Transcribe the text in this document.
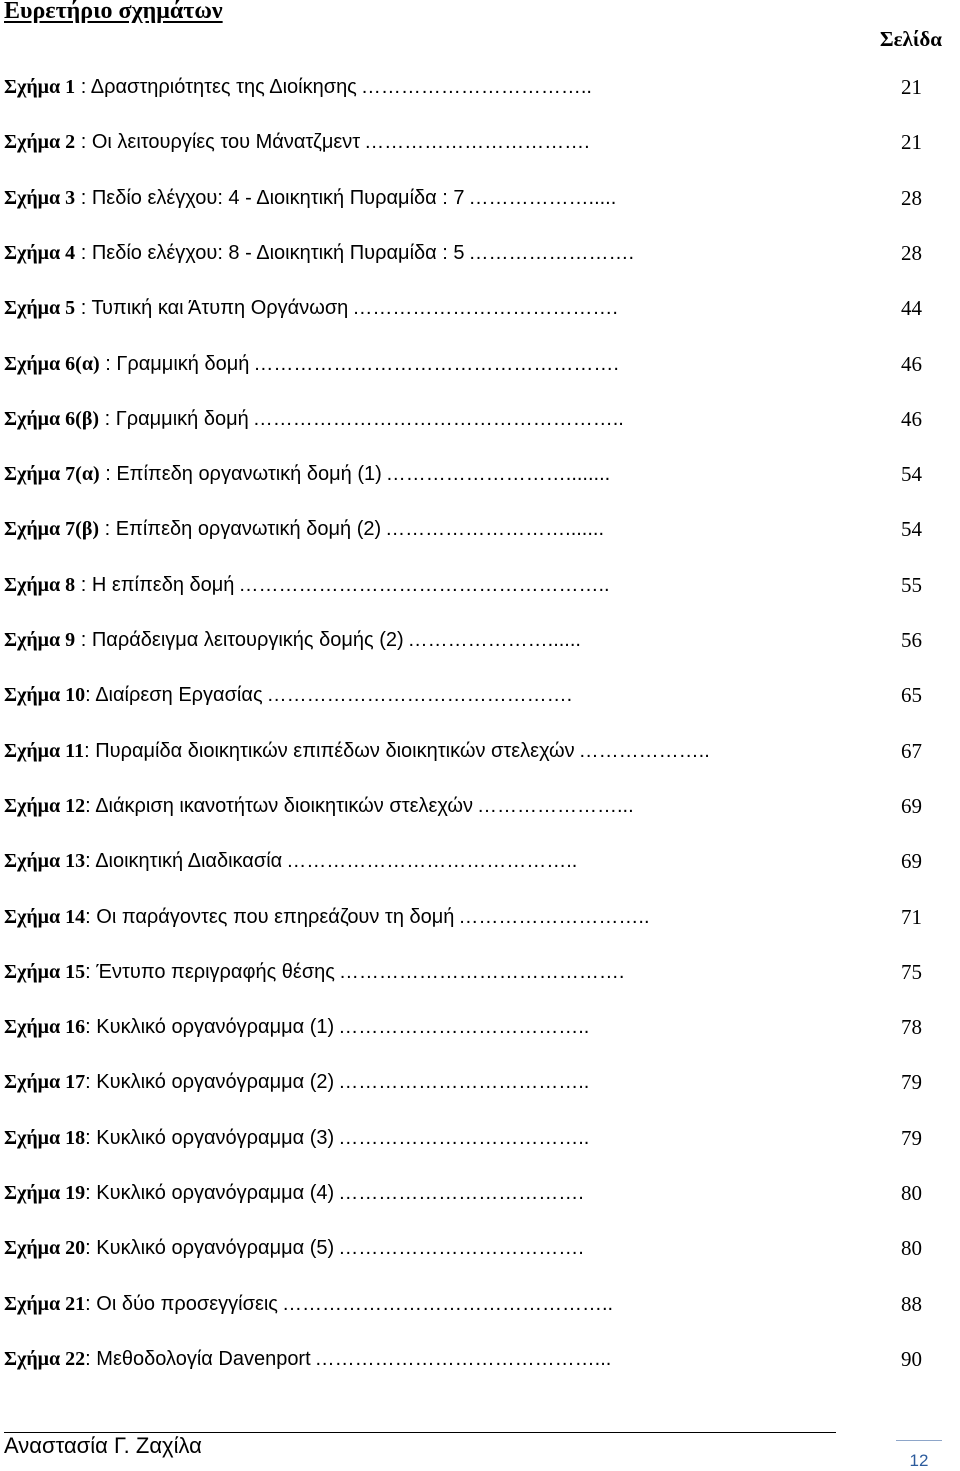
Ευρετήριο σχημάτων
Σελίδα
Σχήμα 1 : Δραστηριότητες της Διοίκησης ……………………………..	21
Σχήμα 2 : Οι λειτουργίες του Μάνατζμεντ …………………………….	21
Σχήμα 3 : Πεδίο ελέγχου: 4 - Διοικητική Πυραμίδα : 7 ……………….....	28
Σχήμα 4 : Πεδίο ελέγχου: 8 - Διοικητική Πυραμίδα : 5 …………………….	28
Σχήμα 5 : Τυπική και Άτυπη Οργάνωση ………………………………….	44
Σχήμα 6(α) : Γραμμική δομή ……………………………………………….	46
Σχήμα 6(β) : Γραμμική δομή ………………………………………………..	46
Σχήμα 7(α) : Επίπεδη οργανωτική δομή (1) ………………………........	54
Σχήμα 7(β) : Επίπεδη οργανωτική δομή (2) ……………………….......	54
Σχήμα 8 : Η επίπεδη δομή ………………………………………………..	55
Σχήμα 9 : Παράδειγμα λειτουργικής δομής (2) …………………......	56
Σχήμα 10: Διαίρεση Εργασίας ……………………………………….	65
Σχήμα 11: Πυραμίδα διοικητικών επιπέδων διοικητικών στελεχών ………………..	67
Σχήμα 12: Διάκριση ικανοτήτων διοικητικών στελεχών …………………...	69
Σχήμα 13: Διοικητική Διαδικασία ……………………………………..	69
Σχήμα 14: Οι παράγοντες που επηρεάζουν τη δομή ………………………..	71
Σχήμα 15: Έντυπο περιγραφής θέσης …………………………………….	75
Σχήμα 16: Κυκλικό οργανόγραμμα (1) ………………………………..	78
Σχήμα 17: Κυκλικό οργανόγραμμα (2) ………………………………..	79
Σχήμα 18: Κυκλικό οργανόγραμμα (3) ………………………………..	79
Σχήμα 19: Κυκλικό οργανόγραμμα (4)……………………………….	80
Σχήμα 20: Κυκλικό οργανόγραμμα (5)……………………………….	80
Σχήμα 21: Οι δύο προσεγγίσεις …………………………………………..	88
Σχήμα 22: Μεθοδολογία Davenport ……………………………………...	90
Αναστασία Γ. Ζαχίλα
12
